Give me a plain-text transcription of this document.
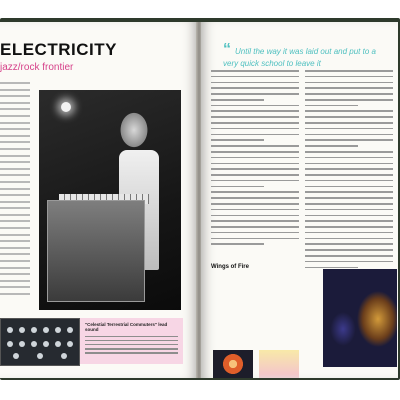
ELECTRICITY
jazz/rock frontier
"Celestial Terrestrial Commuters" lead sound
“ Until the way it was laid out and put to a very quick school to leave it
Wings of Fire
